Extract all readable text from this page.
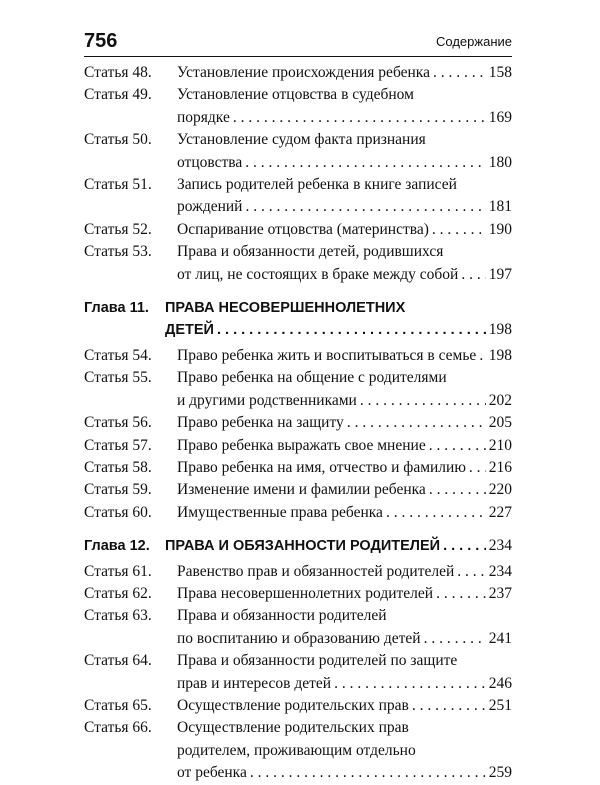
756	Содержание
Статья 48.	Установление происхождения ребенка . . .	158
Статья 49.	Установление отцовства в судебном
порядке . . .	169
Статья 50.	Установление судом факта признания
отцовства . . .	180
Статья 51.	Запись родителей ребенка в книге записей
рождений . . .	181
Статья 52.	Оспаривание отцовства (материнства) . . .	190
Статья 53.	Права и обязанности детей, родившихся
от лиц, не состоящих в браке между собой . . . 197
Глава 11.	ПРАВА НЕСОВЕРШЕННОЛЕТНИХ
ДЕТЕЙ . . .	198
Статья 54.	Право ребенка жить и воспитываться в семье . . . 198
Статья 55.	Право ребенка на общение с родителями
и другими родственниками . . .	202
Статья 56.	Право ребенка на защиту . . .	205
Статья 57.	Право ребенка выражать свое мнение . . .	210
Статья 58.	Право ребенка на имя, отчество и фамилию . . . 216
Статья 59.	Изменение имени и фамилии ребенка . . .	220
Статья 60.	Имущественные права ребенка . . .	227
Глава 12.	ПРАВА И ОБЯЗАННОСТИ РОДИТЕЛЕЙ . . .	234
Статья 61.	Равенство прав и обязанностей родителей . . . 234
Статья 62.	Права несовершеннолетних родителей . . .	237
Статья 63.	Права и обязанности родителей
по воспитанию и образованию детей . . .	241
Статья 64.	Права и обязанности родителей по защите
прав и интересов детей . . .	246
Статья 65.	Осуществление родительских прав . . .	251
Статья 66.	Осуществление родительских прав
родителем, проживающим отдельно
от ребенка . . .	259
